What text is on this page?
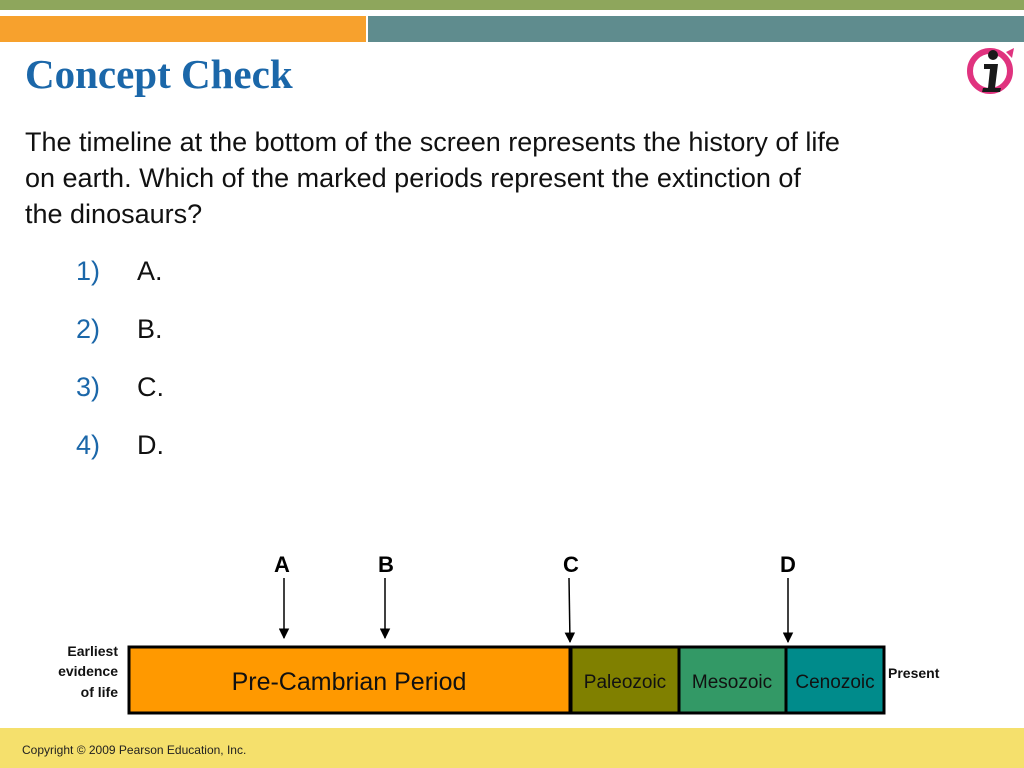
Concept Check

The timeline at the bottom of the screen represents the history of life on earth. Which of the marked periods represent the extinction of the dinosaurs?

1) A.
2) B.
3) C.
4) D.
A	B	C	D
Pre-Cambrian Period	Paleozoic Mesozoic Cenozoic
Earliest
evidence
of life
Present
Copyright © 2009 Pearson Education, Inc.
